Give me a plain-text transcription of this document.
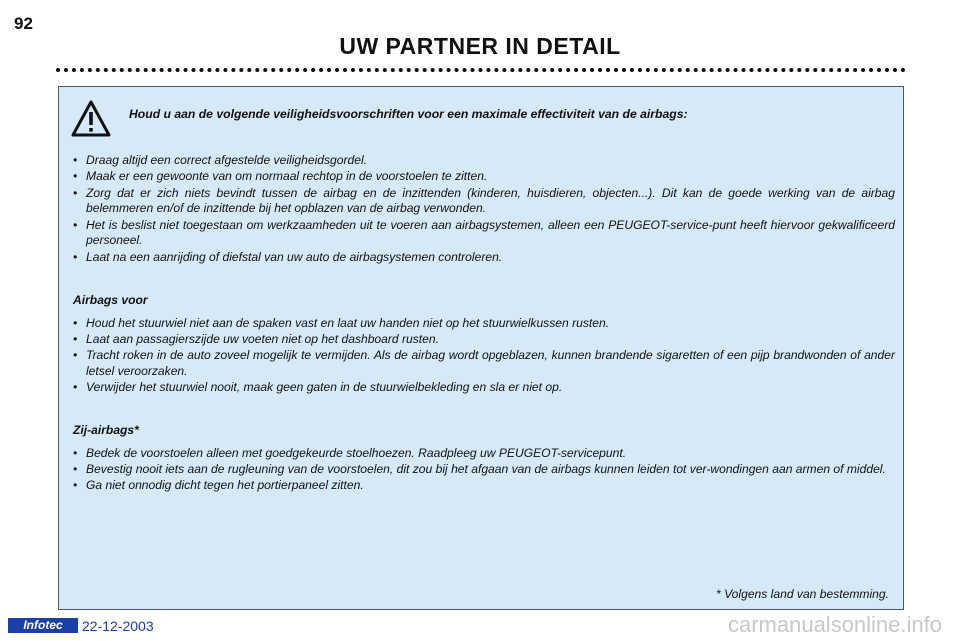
92
UW PARTNER IN DETAIL
Houd u aan de volgende veiligheidsvoorschriften voor een maximale effectiviteit van de airbags:
• Draag altijd een correct afgestelde veiligheidsgordel.
• Maak er een gewoonte van om normaal rechtop in de voorstoelen te zitten.
• Zorg dat er zich niets bevindt tussen de airbag en de inzittenden (kinderen, huisdieren, objecten...). Dit kan de goede werking van de airbag belemmeren en/of de inzittende bij het opblazen van de airbag verwonden.
• Het is beslist niet toegestaan om werkzaamheden uit te voeren aan airbagsystemen, alleen een PEUGEOT-service-punt heeft hiervoor gekwalificeerd personeel.
• Laat na een aanrijding of diefstal van uw auto de airbagsystemen controleren.
Airbags voor
• Houd het stuurwiel niet aan de spaken vast en laat uw handen niet op het stuurwielkussen rusten.
• Laat aan passagierszijde uw voeten niet op het dashboard rusten.
• Tracht roken in de auto zoveel mogelijk te vermijden. Als de airbag wordt opgeblazen, kunnen brandende sigaretten of een pijp brandwonden of ander letsel veroorzaken.
• Verwijder het stuurwiel nooit, maak geen gaten in de stuurwielbekleding en sla er niet op.
Zij-airbags*
• Bedek de voorstoelen alleen met goedgekeurde stoelhoezen. Raadpleeg uw PEUGEOT-servicepunt.
• Bevestig nooit iets aan de rugleuning van de voorstoelen, dit zou bij het afgaan van de airbags kunnen leiden tot ver-wondingen aan armen of middel.
• Ga niet onnodig dicht tegen het portierpaneel zitten.
* Volgens land van bestemming.
Infotec	22-12-2003	carmanualsonline.info
